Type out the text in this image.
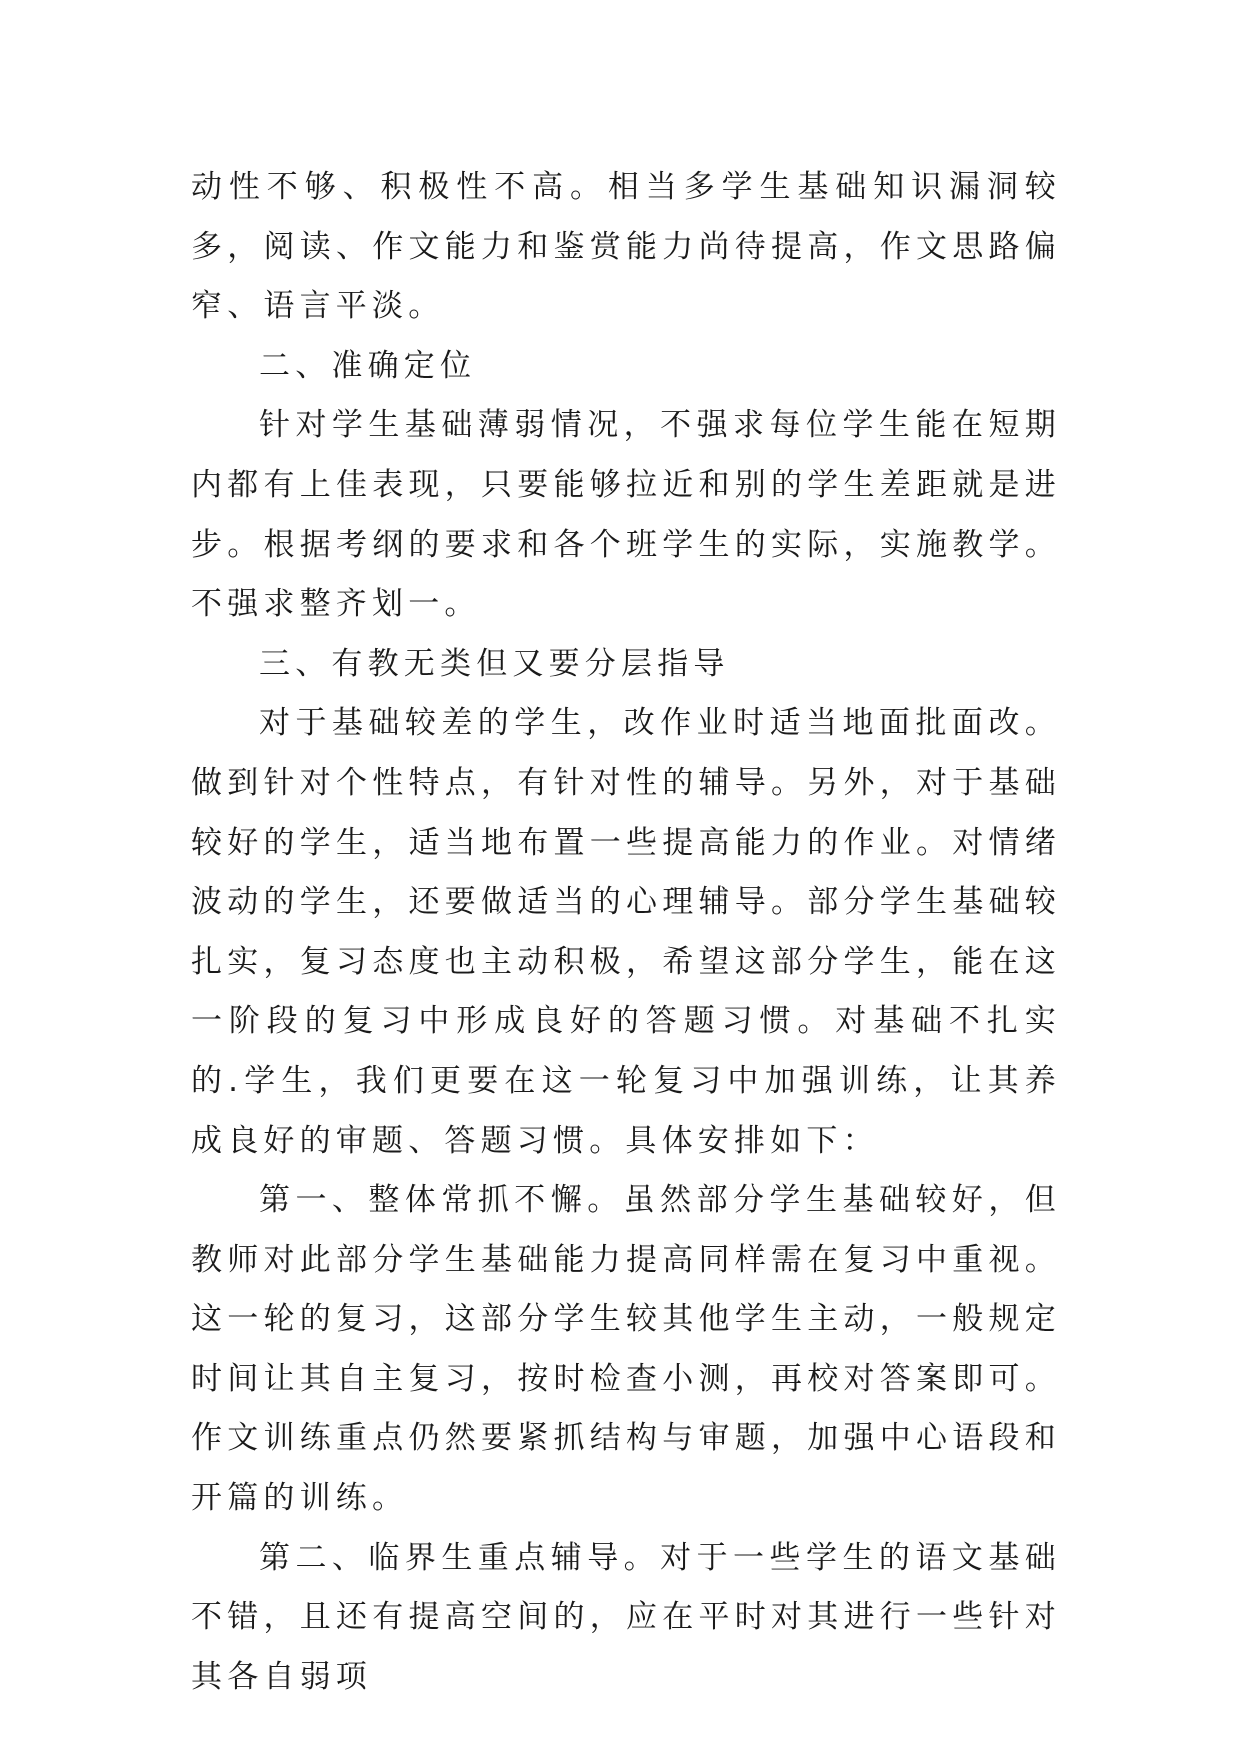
动性不够、积极性不高。相当多学生基础知识漏洞较多，阅读、作文能力和鉴赏能力尚待提高，作文思路偏窄、语言平淡。

二、准确定位

针对学生基础薄弱情况，不强求每位学生能在短期内都有上佳表现，只要能够拉近和别的学生差距就是进步。根据考纲的要求和各个班学生的实际，实施教学。不强求整齐划一。

三、有教无类但又要分层指导

对于基础较差的学生，改作业时适当地面批面改。做到针对个性特点，有针对性的辅导。另外，对于基础较好的学生，适当地布置一些提高能力的作业。对情绪波动的学生，还要做适当的心理辅导。部分学生基础较扎实，复习态度也主动积极，希望这部分学生，能在这一阶段的复习中形成良好的答题习惯。对基础不扎实的.学生，我们更要在这一轮复习中加强训练，让其养成良好的审题、答题习惯。具体安排如下：

第一、整体常抓不懈。虽然部分学生基础较好，但教师对此部分学生基础能力提高同样需在复习中重视。这一轮的复习，这部分学生较其他学生主动，一般规定时间让其自主复习，按时检查小测，再校对答案即可。作文训练重点仍然要紧抓结构与审题，加强中心语段和开篇的训练。

第二、临界生重点辅导。对于一些学生的语文基础不错，且还有提高空间的，应在平时对其进行一些针对其各自弱项
